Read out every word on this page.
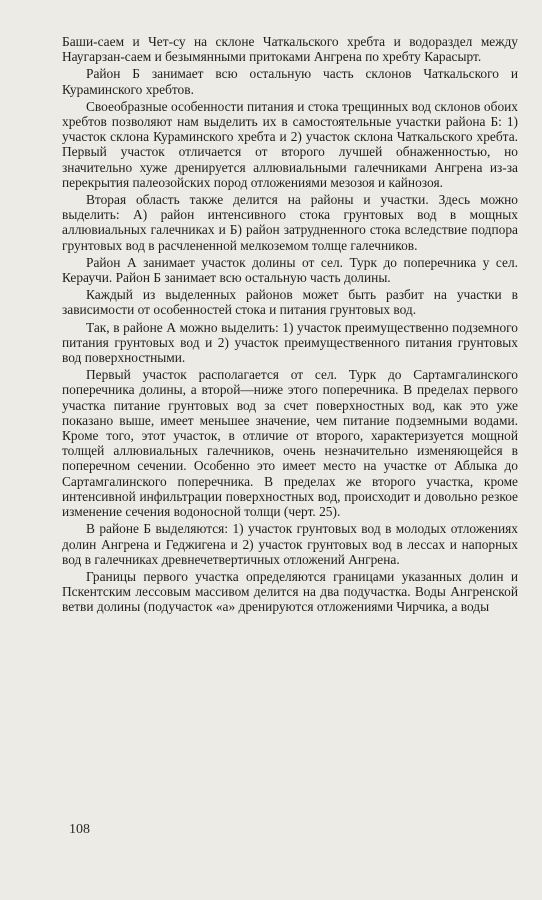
Баши-саем и Чет-су на склоне Чаткальского хребта и водораздел между Наугарзан-саем и безымянными притоками Ангрена по хребту Карасырт.

Район Б занимает всю остальную часть склонов Чаткальского и Кураминского хребтов.

Своеобразные особенности питания и стока трещинных вод склонов обоих хребтов позволяют нам выделить их в самостоятельные участки района Б: 1) участок склона Кураминского хребта и 2) участок склона Чаткальского хребта. Первый участок отличается от второго лучшей обнаженностью, но значительно хуже дренируется аллювиальными галечниками Ангрена из-за перекрытия палеозойских пород отложениями мезозоя и кайнозоя.

Вторая область также делится на районы и участки. Здесь можно выделить: А) район интенсивного стока грунтовых вод в мощных аллювиальных галечниках и Б) район затрудненного стока вследствие подпора грунтовых вод в расчлененной мелкоземом толще галечников.

Район А занимает участок долины от сел. Турк до поперечника у сел. Кераучи. Район Б занимает всю остальную часть долины.

Каждый из выделенных районов может быть разбит на участки в зависимости от особенностей стока и питания грунтовых вод.

Так, в районе А можно выделить: 1) участок преимущественно подземного питания грунтовых вод и 2) участок преимущественного питания грунтовых вод поверхностными.

Первый участок располагается от сел. Турк до Сартамгалинского поперечника долины, а второй—ниже этого поперечника. В пределах первого участка питание грунтовых вод за счет поверхностных вод, как это уже показано выше, имеет меньшее значение, чем питание подземными водами. Кроме того, этот участок, в отличие от второго, характеризуется мощной толщей аллювиальных галечников, очень незначительно изменяющейся в поперечном сечении. Особенно это имеет место на участке от Аблыка до Сартамгалинского поперечника. В пределах же второго участка, кроме интенсивной инфильтрации поверхностных вод, происходит и довольно резкое изменение сечения водоносной толщи (черт. 25).

В районе Б выделяются: 1) участок грунтовых вод в молодых отложениях долин Ангрена и Геджигена и 2) участок грунтовых вод в лессах и напорных вод в галечниках древнечетвертичных отложений Ангрена.

Границы первого участка определяются границами указанных долин и Пскентским лессовым массивом делится на два подучастка. Воды Ангренской ветви долины (подучасток «а» дренируются отложениями Чирчика, а воды

108
